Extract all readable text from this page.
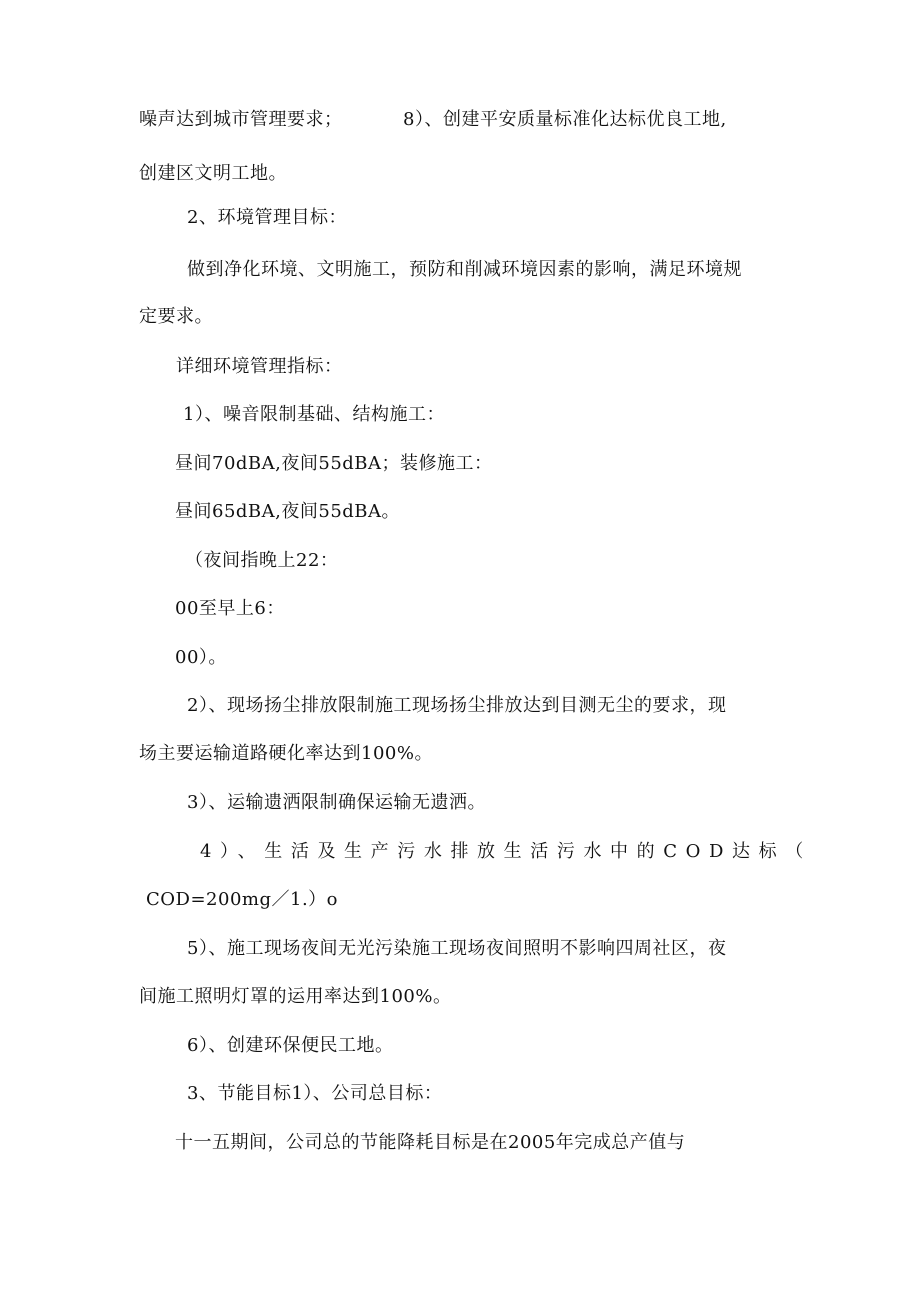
噪声达到城市管理要求；	8）、创建平安质量标准化达标优良工地,
创建区文明工地。
2、环境管理目标：
做到净化环境、文明施工，预防和削减环境因素的影响，满足环境规
定要求。
详细环境管理指标：
1）、噪音限制基础、结构施工：
昼间70dBA,夜间55dBA；装修施工：
昼间65dBA,夜间55dBA。
（夜间指晚上22：
00至早上6：
00）。
2）、现场扬尘排放限制施工现场扬尘排放达到目测无尘的要求，现
场主要运输道路硬化率达到100%。
3）、运输遗洒限制确保运输无遗洒。
4）、生活及生产污水排放生活污水中的COD达标（
COD=200mg／1.）o
5）、施工现场夜间无光污染施工现场夜间照明不影响四周社区，夜
间施工照明灯罩的运用率达到100%。
6）、创建环保便民工地。
3、节能目标1）、公司总目标：
十一五期间，公司总的节能降耗目标是在2005年完成总产值与
